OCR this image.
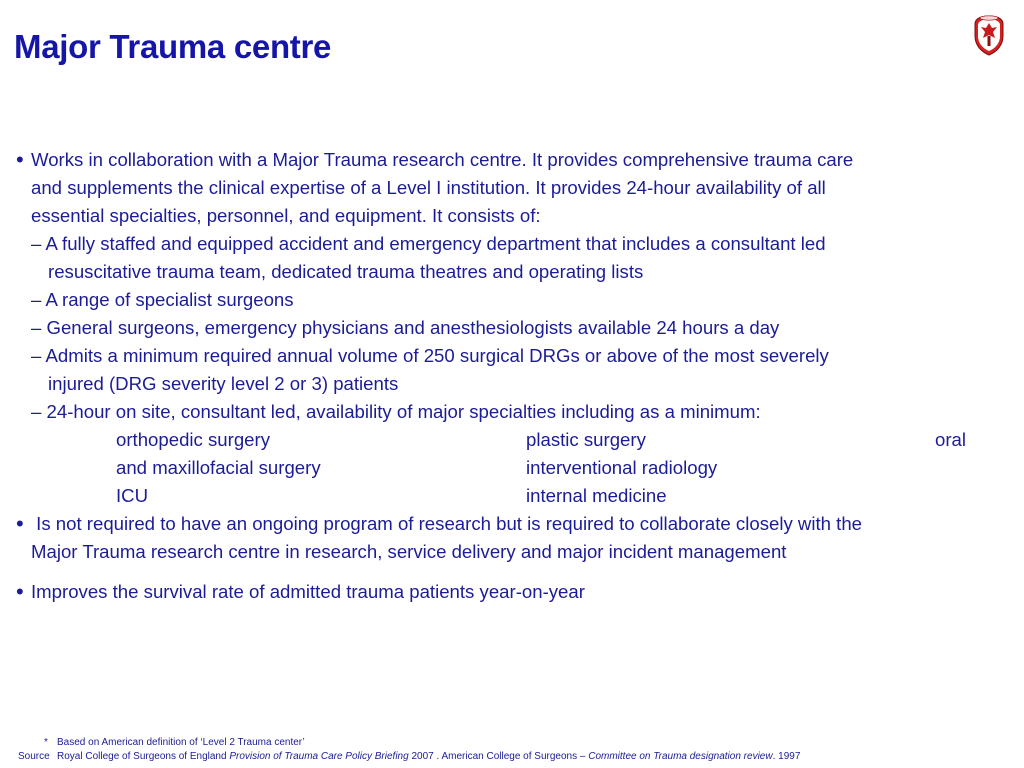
Major Trauma centre
• Works in collaboration with a Major Trauma research centre. It provides comprehensive trauma care
and supplements the clinical expertise of a Level I institution. It provides 24-hour availability of all
essential specialties, personnel, and equipment. It consists of:
– A fully staffed and equipped accident and emergency department that includes a consultant led
resuscitative trauma team, dedicated trauma theatres and operating lists
– A range of specialist surgeons
– General surgeons, emergency physicians and anesthesiologists available 24 hours a day
– Admits a minimum required annual volume of 250 surgical DRGs or above of the most severely
injured (DRG severity level 2 or 3) patients
– 24-hour on site, consultant led, availability of major specialties including as a minimum:
orthopedic surgery	plastic surgery	oral
and maxillofacial surgery	interventional radiology
ICU	internal medicine
• Is not required to have an ongoing program of research but is required to collaborate closely with the
Major Trauma research centre in research, service delivery and major incident management
• Improves the survival rate of admitted trauma patients year-on-year
* Based on American definition of ‘Level 2 Trauma center’
Source Royal College of Surgeons of England Provision of Trauma Care Policy Briefing 2007 . American College of Surgeons – Committee on Trauma designation review. 1997
